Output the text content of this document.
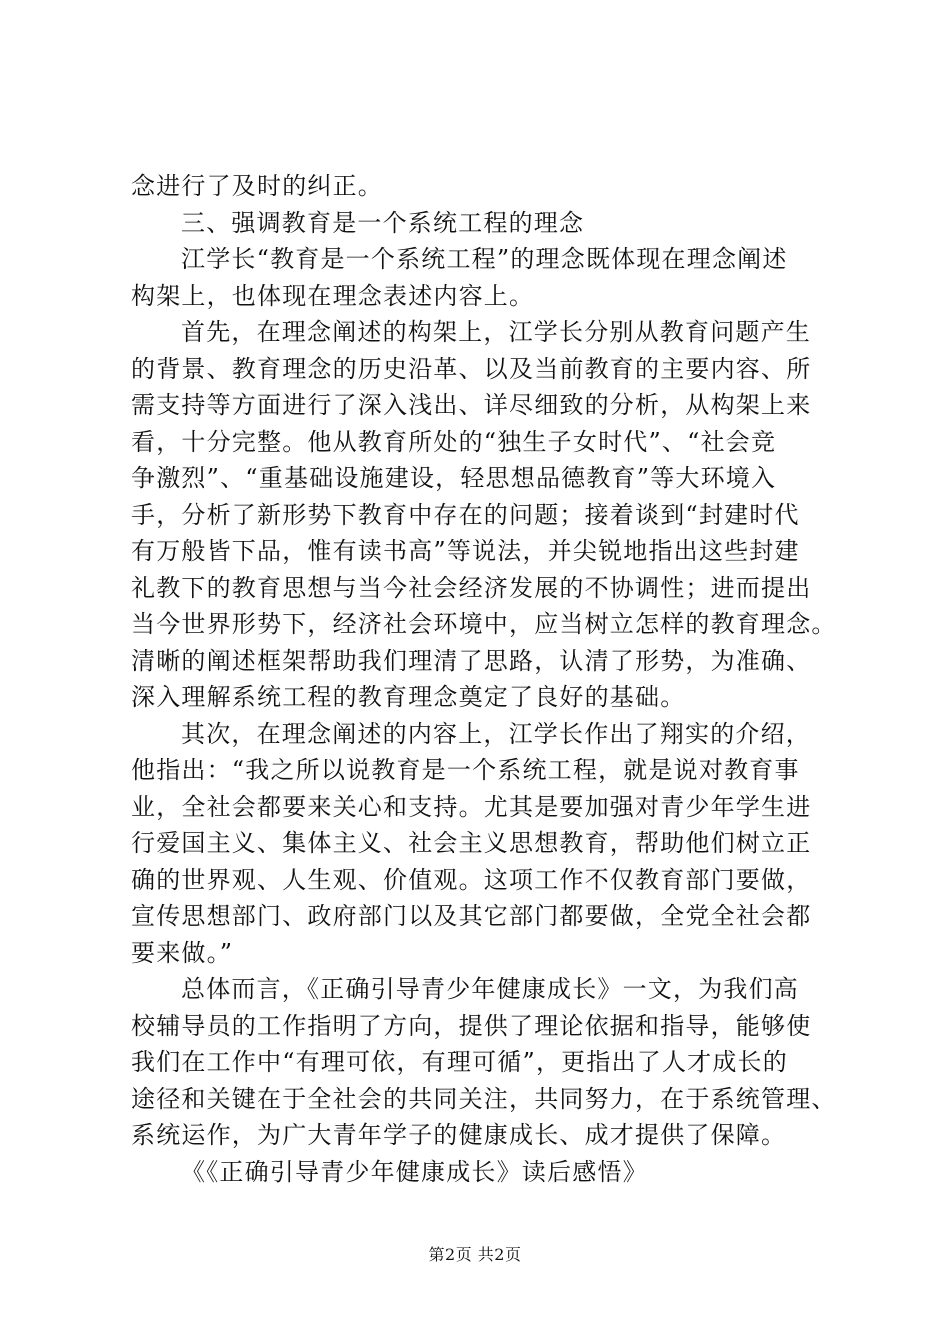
念进行了及时的纠正。
三、强调教育是一个系统工程的理念
江学长“教育是一个系统工程”的理念既体现在理念阐述
构架上，也体现在理念表述内容上。
首先，在理念阐述的构架上，江学长分别从教育问题产生
的背景、教育理念的历史沿革、以及当前教育的主要内容、所
需支持等方面进行了深入浅出、详尽细致的分析，从构架上来
看，十分完整。他从教育所处的“独生子女时代”、“社会竞
争激烈”、“重基础设施建设，轻思想品德教育”等大环境入
手，分析了新形势下教育中存在的问题；接着谈到“封建时代
有万般皆下品，惟有读书高”等说法，并尖锐地指出这些封建
礼教下的教育思想与当今社会经济发展的不协调性；进而提出
当今世界形势下，经济社会环境中，应当树立怎样的教育理念。
清晰的阐述框架帮助我们理清了思路，认清了形势，为准确、
深入理解系统工程的教育理念奠定了良好的基础。
其次，在理念阐述的内容上，江学长作出了翔实的介绍，
他指出：“我之所以说教育是一个系统工程，就是说对教育事
业，全社会都要来关心和支持。尤其是要加强对青少年学生进
行爱国主义、集体主义、社会主义思想教育，帮助他们树立正
确的世界观、人生观、价值观。这项工作不仅教育部门要做，
宣传思想部门、政府部门以及其它部门都要做，全党全社会都
要来做。”
总体而言，《正确引导青少年健康成长》一文，为我们高
校辅导员的工作指明了方向，提供了理论依据和指导，能够使
我们在工作中“有理可依，有理可循”，更指出了人才成长的
途径和关键在于全社会的共同关注，共同努力，在于系统管理、
系统运作，为广大青年学子的健康成长、成才提供了保障。
《《正确引导青少年健康成长》读后感悟》
第2页 共2页
